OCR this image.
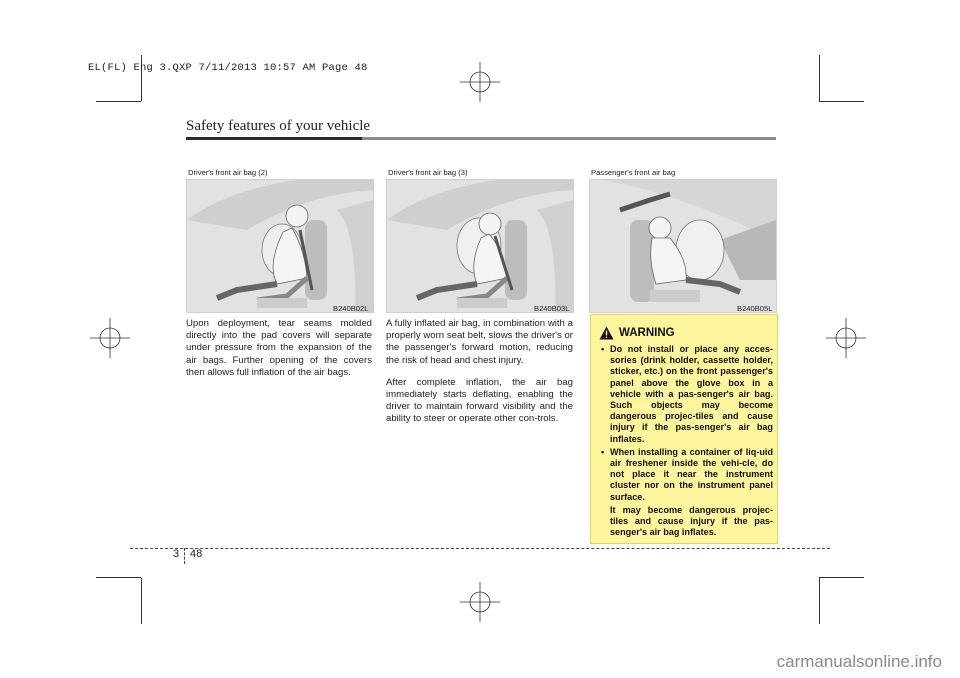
EL(FL) Eng 3.QXP 7/11/2013 10:57 AM Page 48
Safety features of your vehicle
Driver's front air bag (2)
B240B02L
Driver's front air bag (3)
B240B03L
Passenger's front air bag
B240B05L

Upon deployment, tear seams molded directly into the pad covers will separate under pressure from the expansion of the air bags. Further opening of the covers then allows full inflation of the air bags.

A fully inflated air bag, in combination with a properly worn seat belt, slows the driver's or the passenger's forward motion, reducing the risk of head and chest injury.

After complete inflation, the air bag immediately starts deflating, enabling the driver to maintain forward visibility and the ability to steer or operate other con-trols.

WARNING
• Do not install or place any acces-sories (drink holder, cassette holder, sticker, etc.) on the front passenger's panel above the glove box in a vehicle with a pas-senger's air bag. Such objects may become dangerous projec-tiles and cause injury if the pas-senger's air bag inflates.
• When installing a container of liq-uid air freshener inside the vehi-cle, do not place it near the instrument cluster nor on the instrument panel surface.
It may become dangerous projec-tiles and cause injury if the pas-senger's air bag inflates.
3 48
carmanualsonline.info
